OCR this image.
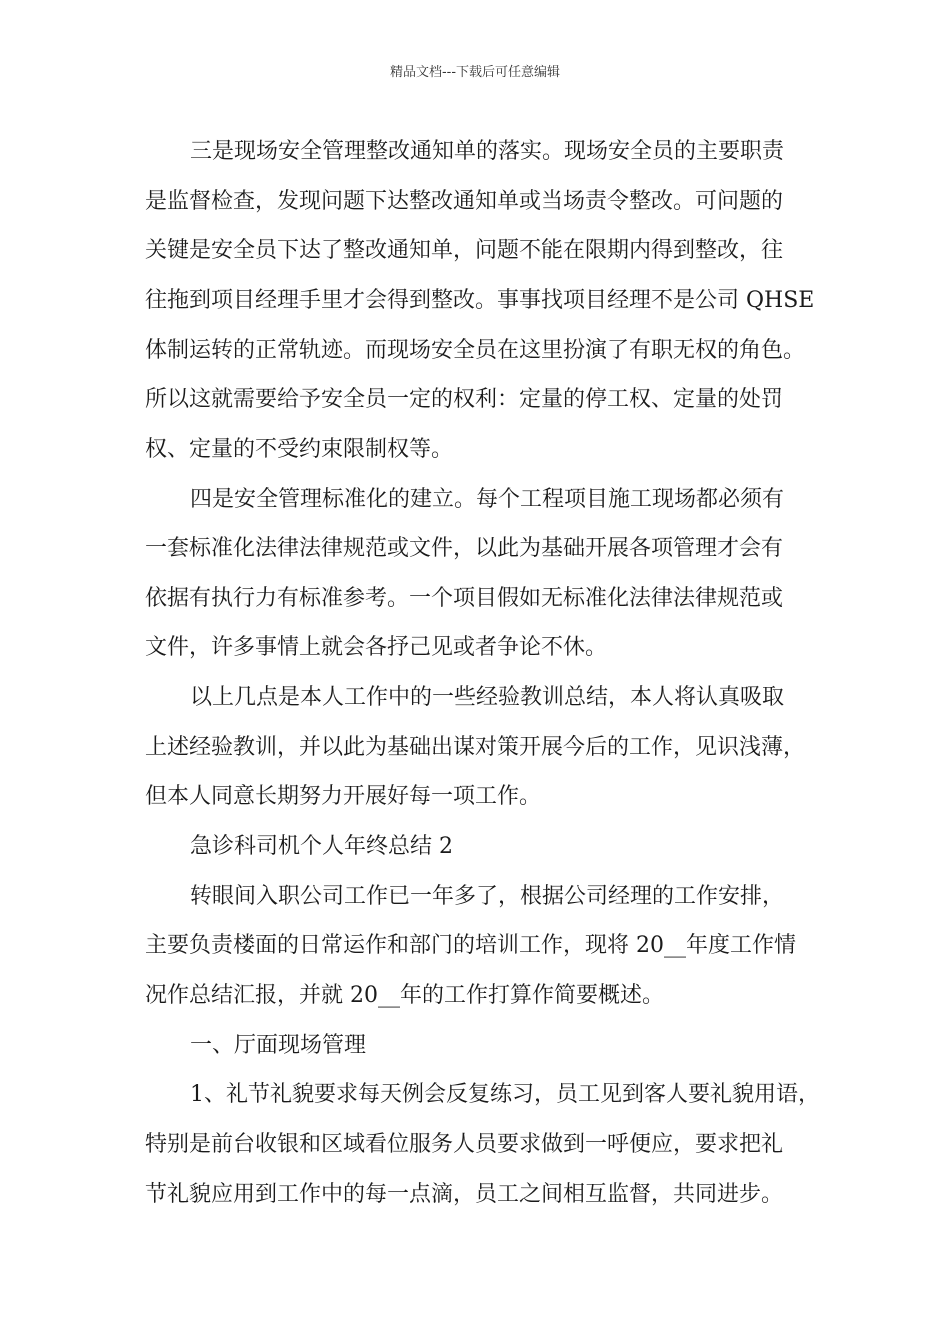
精品文档---下载后可任意编辑
三是现场安全管理整改通知单的落实。现场安全员的主要职责
是监督检查，发现问题下达整改通知单或当场责令整改。可问题的
关键是安全员下达了整改通知单，问题不能在限期内得到整改，往
往拖到项目经理手里才会得到整改。事事找项目经理不是公司 QHSE
体制运转的正常轨迹。而现场安全员在这里扮演了有职无权的角色。
所以这就需要给予安全员一定的权利：定量的停工权、定量的处罚
权、定量的不受约束限制权等。
四是安全管理标准化的建立。每个工程项目施工现场都必须有
一套标准化法律法律规范或文件，以此为基础开展各项管理才会有
依据有执行力有标准参考。一个项目假如无标准化法律法律规范或
文件，许多事情上就会各抒己见或者争论不休。
以上几点是本人工作中的一些经验教训总结，本人将认真吸取
上述经验教训，并以此为基础出谋对策开展今后的工作，见识浅薄，
但本人同意长期努力开展好每一项工作。
急诊科司机个人年终总结 2
转眼间入职公司工作已一年多了，根据公司经理的工作安排，
主要负责楼面的日常运作和部门的培训工作，现将 20__年度工作情
况作总结汇报，并就 20__年的工作打算作简要概述。
一、厅面现场管理
1、礼节礼貌要求每天例会反复练习，员工见到客人要礼貌用语，
特别是前台收银和区域看位服务人员要求做到一呼便应，要求把礼
节礼貌应用到工作中的每一点滴，员工之间相互监督，共同进步。
